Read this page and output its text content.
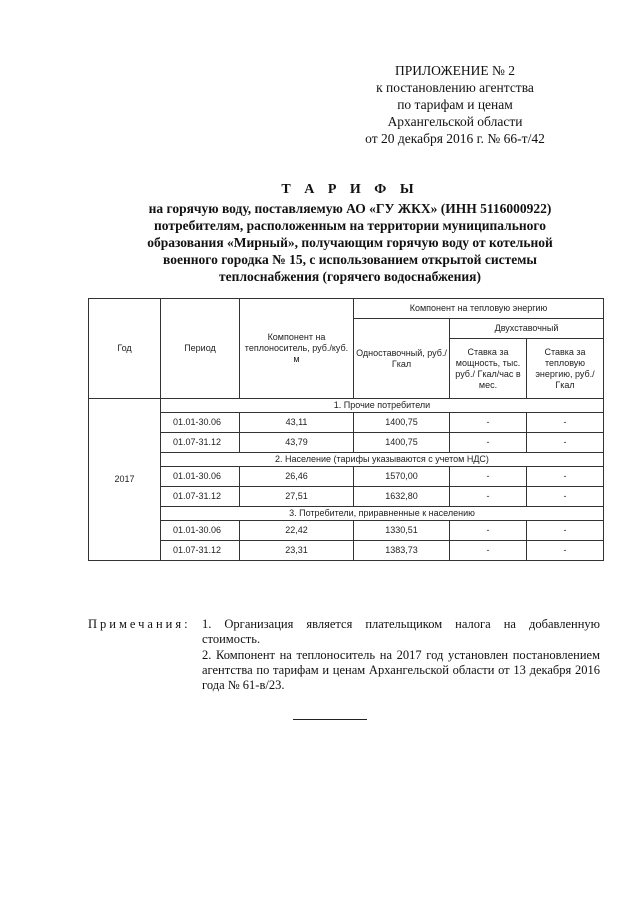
ПРИЛОЖЕНИЕ № 2
к постановлению агентства
по тарифам и ценам
Архангельской области
от 20 декабря 2016 г. № 66-т/42
Т А Р И Ф Ы
на горячую воду, поставляемую АО «ГУ ЖКХ» (ИНН 5116000922)
потребителям, расположенным на территории муниципального
образования «Мирный», получающим горячую воду от котельной
военного городка № 15, с использованием открытой системы
теплоснабжения (горячего водоснабжения)
Год	Период	Компонент на теплоноситель, руб./куб. м	Компонент на тепловую энергию		
			Одноставочный, руб./Гкал	Двухставочный	
				Ставка за мощность, тыс. руб./ Гкал/час в мес.	Ставка за тепловую энергию, руб./Гкал
2017	1. Прочие потребители				
	01.01-30.06	43,11	1400,75	-	-
	01.07-31.12	43,79	1400,75	-	-
	2. Население (тарифы указываются с учетом НДС)				
	01.01-30.06	26,46	1570,00	-	-
	01.07-31.12	27,51	1632,80	-	-
	3. Потребители, приравненные к населению				
	01.01-30.06	22,42	1330,51	-	-
	01.07-31.12	23,31	1383,73	-	-
Примечания: 1. Организация является плательщиком налога на добавленную стоимость.
2. Компонент на теплоноситель на 2017 год установлен постановлением агентства по тарифам и ценам Архангельской области от 13 декабря 2016 года № 61-в/23.
